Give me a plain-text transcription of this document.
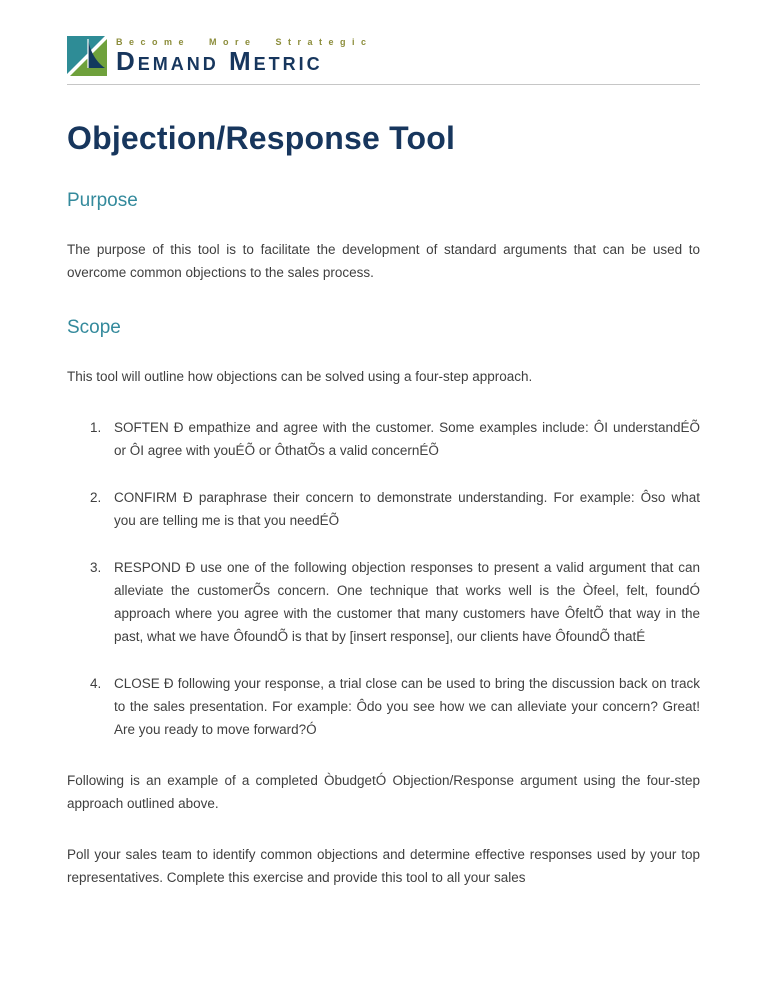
Become More Strategic
Demand Metric
Objection/Response Tool
Purpose

The purpose of this tool is to facilitate the development of standard arguments that can be used to overcome common objections to the sales process.

Scope

This tool will outline how objections can be solved using a four-step approach.

1. SOFTEN Ð empathize and agree with the customer. Some examples include: ÔI understandÉÕ or ÔI agree with youÉÕ or ÔthatÕs a valid concernÉÕ
2. CONFIRM Ð paraphrase their concern to demonstrate understanding. For example: Ôso what you are telling me is that you needÉÕ
3. RESPOND Ð use one of the following objection responses to present a valid argument that can alleviate the customerÕs concern. One technique that works well is the Òfeel, felt, foundÓ approach where you agree with the customer that many customers have ÔfeltÕ that way in the past, what we have ÔfoundÕ is that by [insert response], our clients have ÔfoundÕ thatÉ
4. CLOSE Ð following your response, a trial close can be used to bring the discussion back on track to the sales presentation. For example: Ôdo you see how we can alleviate your concern? Great! Are you ready to move forward?Ó

Following is an example of a completed ÒbudgetÓ Objection/Response argument using the four-step approach outlined above.

Poll your sales team to identify common objections and determine effective responses used by your top representatives. Complete this exercise and provide this tool to all your sales
